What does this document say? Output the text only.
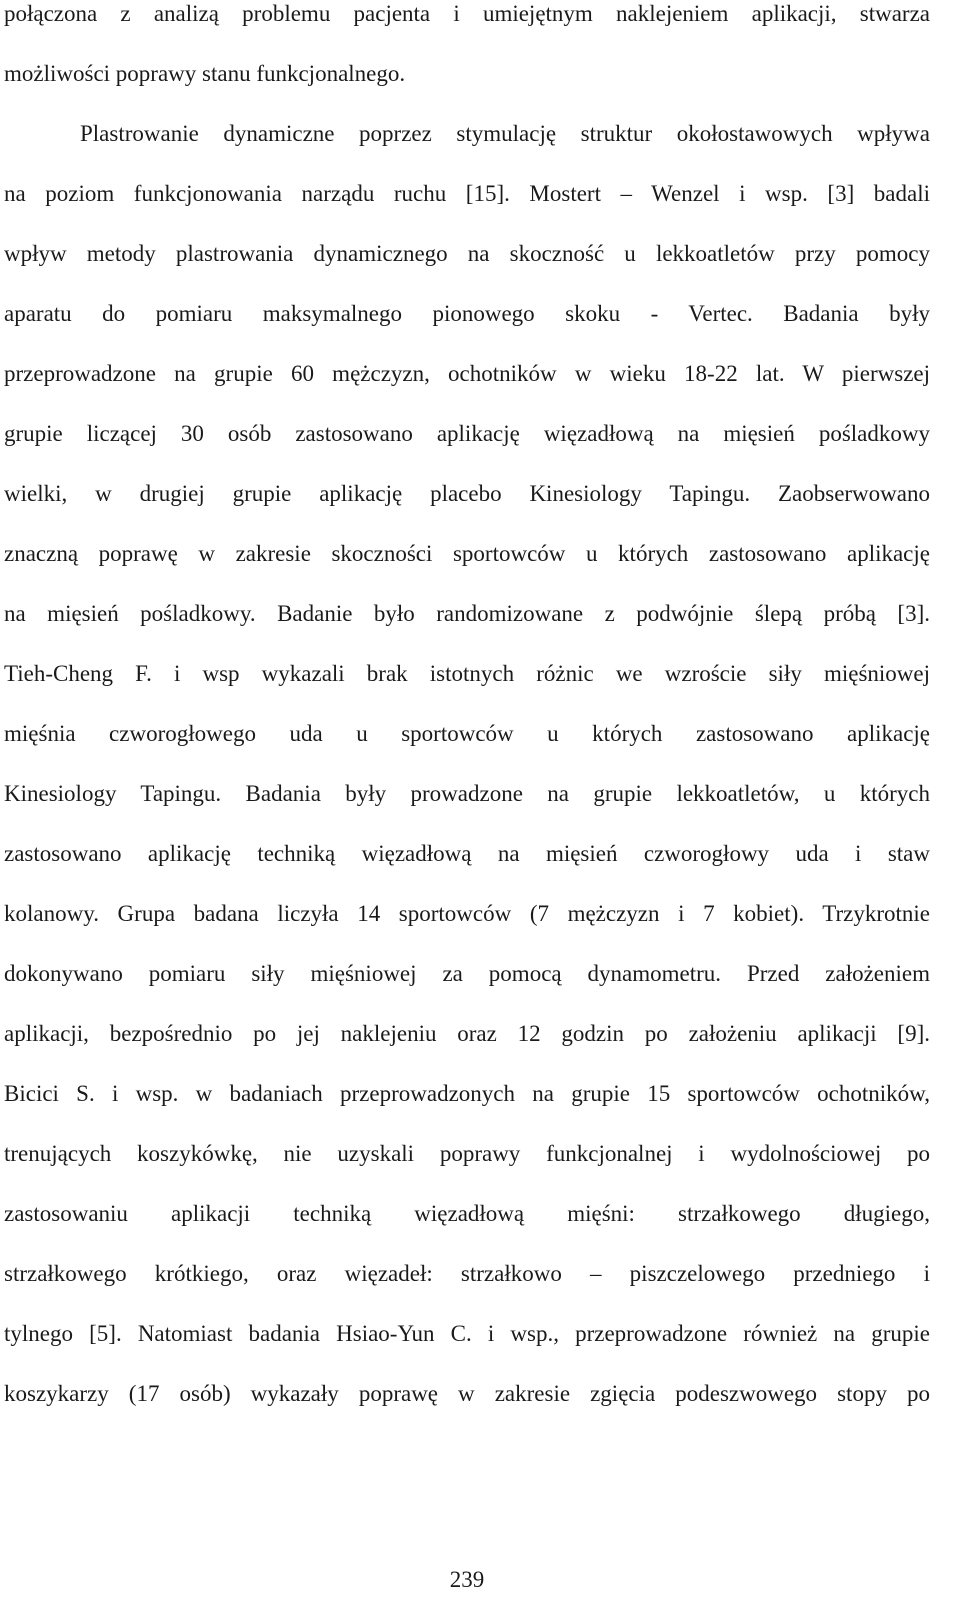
połączona z analizą problemu pacjenta i umiejętnym naklejeniem aplikacji, stwarza
możliwości poprawy stanu funkcjonalnego.
Plastrowanie dynamiczne poprzez stymulację struktur okołostawowych wpływa
na poziom funkcjonowania narządu ruchu [15]. Mostert – Wenzel i wsp. [3] badali
wpływ metody plastrowania dynamicznego na skoczność u lekkoatletów przy pomocy
aparatu do pomiaru maksymalnego pionowego skoku - Vertec. Badania były
przeprowadzone na grupie 60 mężczyzn, ochotników w wieku 18-22 lat. W pierwszej
grupie liczącej 30 osób zastosowano aplikację więzadłową na mięsień pośladkowy
wielki, w drugiej grupie aplikację placebo Kinesiology Tapingu. Zaobserwowano
znaczną poprawę w zakresie skoczności sportowców u których zastosowano aplikację
na mięsień pośladkowy. Badanie było randomizowane z podwójnie ślepą próbą [3].
Tieh-Cheng F. i wsp wykazali brak istotnych różnic we wzroście siły mięśniowej
mięśnia czworogłowego uda u sportowców u których zastosowano aplikację
Kinesiology Tapingu. Badania były prowadzone na grupie lekkoatletów, u których
zastosowano aplikację techniką więzadłową na mięsień czworogłowy uda i staw
kolanowy. Grupa badana liczyła 14 sportowców (7 mężczyzn i 7 kobiet). Trzykrotnie
dokonywano pomiaru siły mięśniowej za pomocą dynamometru. Przed założeniem
aplikacji, bezpośrednio po jej naklejeniu oraz 12 godzin po założeniu aplikacji [9].
Bicici S. i wsp. w badaniach przeprowadzonych na grupie 15 sportowców ochotników,
trenujących koszykówkę, nie uzyskali poprawy funkcjonalnej i wydolnościowej po
zastosowaniu aplikacji techniką więzadłową mięśni: strzałkowego długiego,
strzałkowego krótkiego, oraz więzadeł: strzałkowo – piszczelowego przedniego i
tylnego [5]. Natomiast badania Hsiao-Yun C. i wsp., przeprowadzone również na grupie
koszykarzy (17 osób) wykazały poprawę w zakresie zgięcia podeszwowego stopy po
239
